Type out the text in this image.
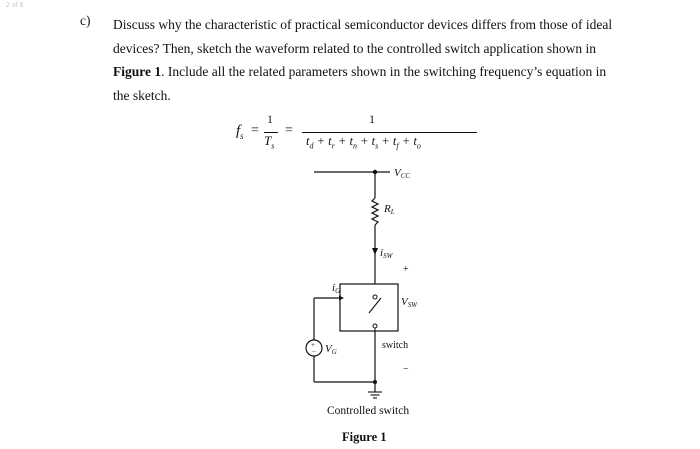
2 of 6
c) Discuss why the characteristic of practical semiconductor devices differs from those of ideal devices? Then, sketch the waveform related to the controlled switch application shown in Figure 1. Include all the related parameters shown in the switching frequency’s equation in the sketch.
$f_s$ =
1
$T_s$
=
1
$t_d + t_r + t_n + t_s + t_f + t_o$
VCC
RL
iSW
+
VSW
iG
+
− VG
switch
−
Controlled switch
Figure 1
